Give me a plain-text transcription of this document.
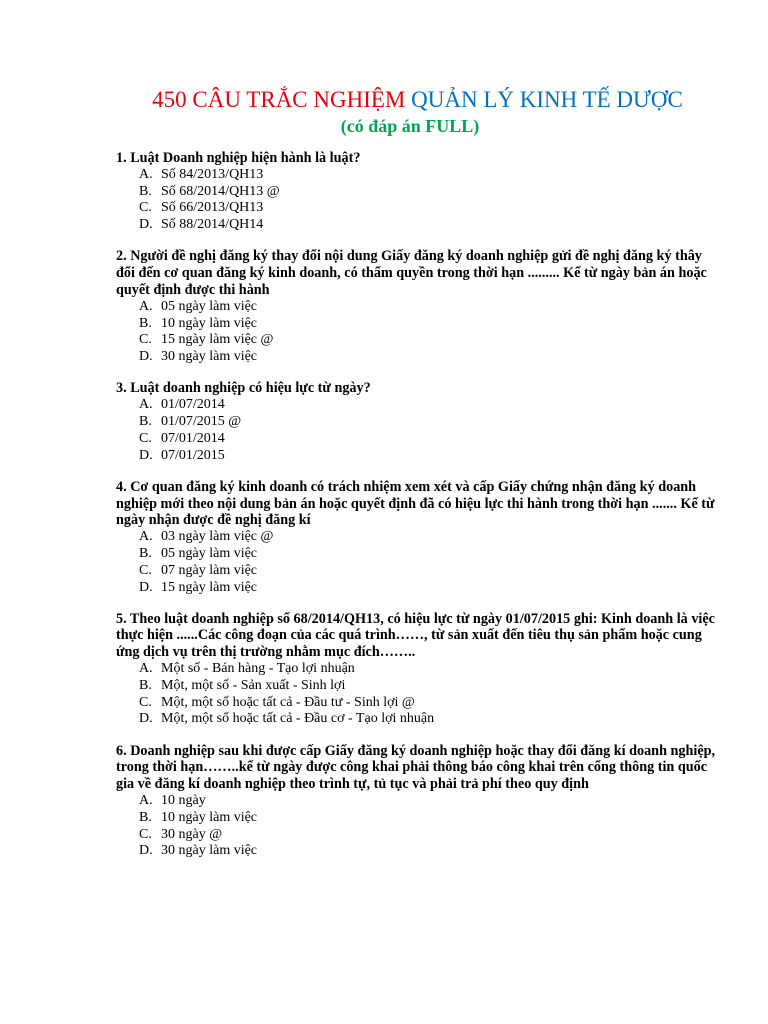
450 CÂU TRẮC NGHIỆM QUẢN LÝ KINH TẾ DƯỢC
(có đáp án FULL)

1. Luật Doanh nghiệp hiện hành là luật?

A. Số 84/2013/QH13
B. Số 68/2014/QH13 @
C. Số 66/2013/QH13
D. Số 88/2014/QH14

2. Người đề nghị đăng ký thay đổi nội dung Giấy đăng ký doanh nghiệp gửi đề nghị đăng ký thây đổi đến cơ quan đăng ký kinh doanh, có thẩm quyền trong thời hạn ......... Kể từ ngày bản án hoặc quyết định được thi hành

A. 05 ngày làm việc
B. 10 ngày làm việc
C. 15 ngày làm việc @
D. 30 ngày làm việc

3. Luật doanh nghiệp có hiệu lực từ ngày?

A. 01/07/2014
B. 01/07/2015 @
C. 07/01/2014
D. 07/01/2015

4. Cơ quan đăng ký kinh doanh có trách nhiệm xem xét và cấp Giấy chứng nhận đăng ký doanh nghiệp mới theo nội dung bản án hoặc quyết định đã có hiệu lực thi hành trong thời hạn ....... Kể từ ngày nhận được đề nghị đăng kí

A. 03 ngày làm việc @
B. 05 ngày làm việc
C. 07 ngày làm việc
D. 15 ngày làm việc

5. Theo luật doanh nghiệp số 68/2014/QH13, có hiệu lực từ ngày 01/07/2015 ghi: Kinh doanh là việc thực hiện ......Các công đoạn của các quá trình……, từ sản xuất đến tiêu thụ sản phẩm hoặc cung ứng dịch vụ trên thị trường nhằm mục đích……..

A. Một số - Bán hàng - Tạo lợi nhuận
B. Một, một số - Sản xuất - Sinh lợi
C. Một, một số hoặc tất cả - Đầu tư - Sinh lợi @
D. Một, một số hoặc tất cả - Đầu cơ - Tạo lợi nhuận

6. Doanh nghiệp sau khi được cấp Giấy đăng ký doanh nghiệp hoặc thay đổi đăng kí doanh nghiệp, trong thời hạn……..kể từ ngày được công khai phải thông báo công khai trên cổng thông tin quốc gia về đăng kí doanh nghiệp theo trình tự, tủ tục và phải trả phí theo quy định

A. 10 ngày
B. 10 ngày làm việc
C. 30 ngày @
D. 30 ngày làm việc
